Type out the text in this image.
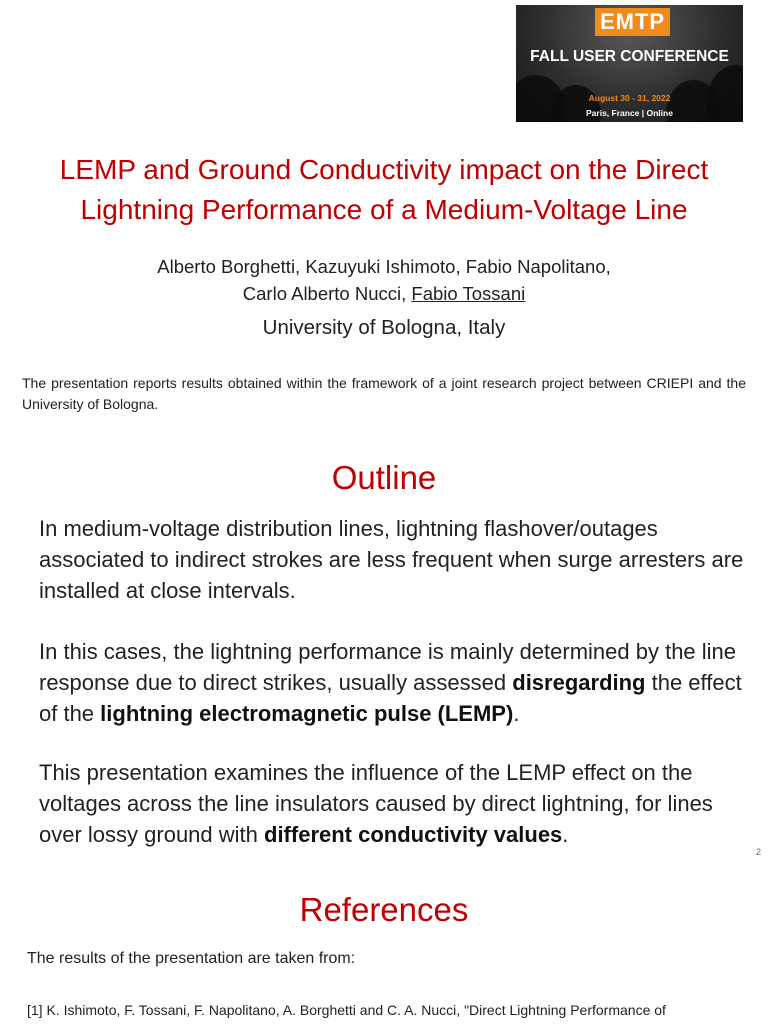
EMTP
FALL USER CONFERENCE
August 30 - 31, 2022
Paris, France | Online
LEMP and Ground Conductivity impact on the Direct
Lightning Performance of a Medium-Voltage Line
Alberto Borghetti, Kazuyuki Ishimoto, Fabio Napolitano,
Carlo Alberto Nucci, Fabio Tossani
University of Bologna, Italy
The presentation reports results obtained within the framework of a joint research project between CRIEPI and the University of Bologna.
Outline

In medium-voltage distribution lines, lightning flashover/outages associated to indirect strokes are less frequent when surge arresters are installed at close intervals.

In this cases, the lightning performance is mainly determined by the line response due to direct strikes, usually assessed disregarding the effect of the lightning electromagnetic pulse (LEMP).

This presentation examines the influence of the LEMP effect on the voltages across the line insulators caused by direct lightning, for lines over lossy ground with different conductivity values.

2
References
The results of the presentation are taken from:
[1] K. Ishimoto, F. Tossani, F. Napolitano, A. Borghetti and C. A. Nucci, "Direct Lightning Performance of
